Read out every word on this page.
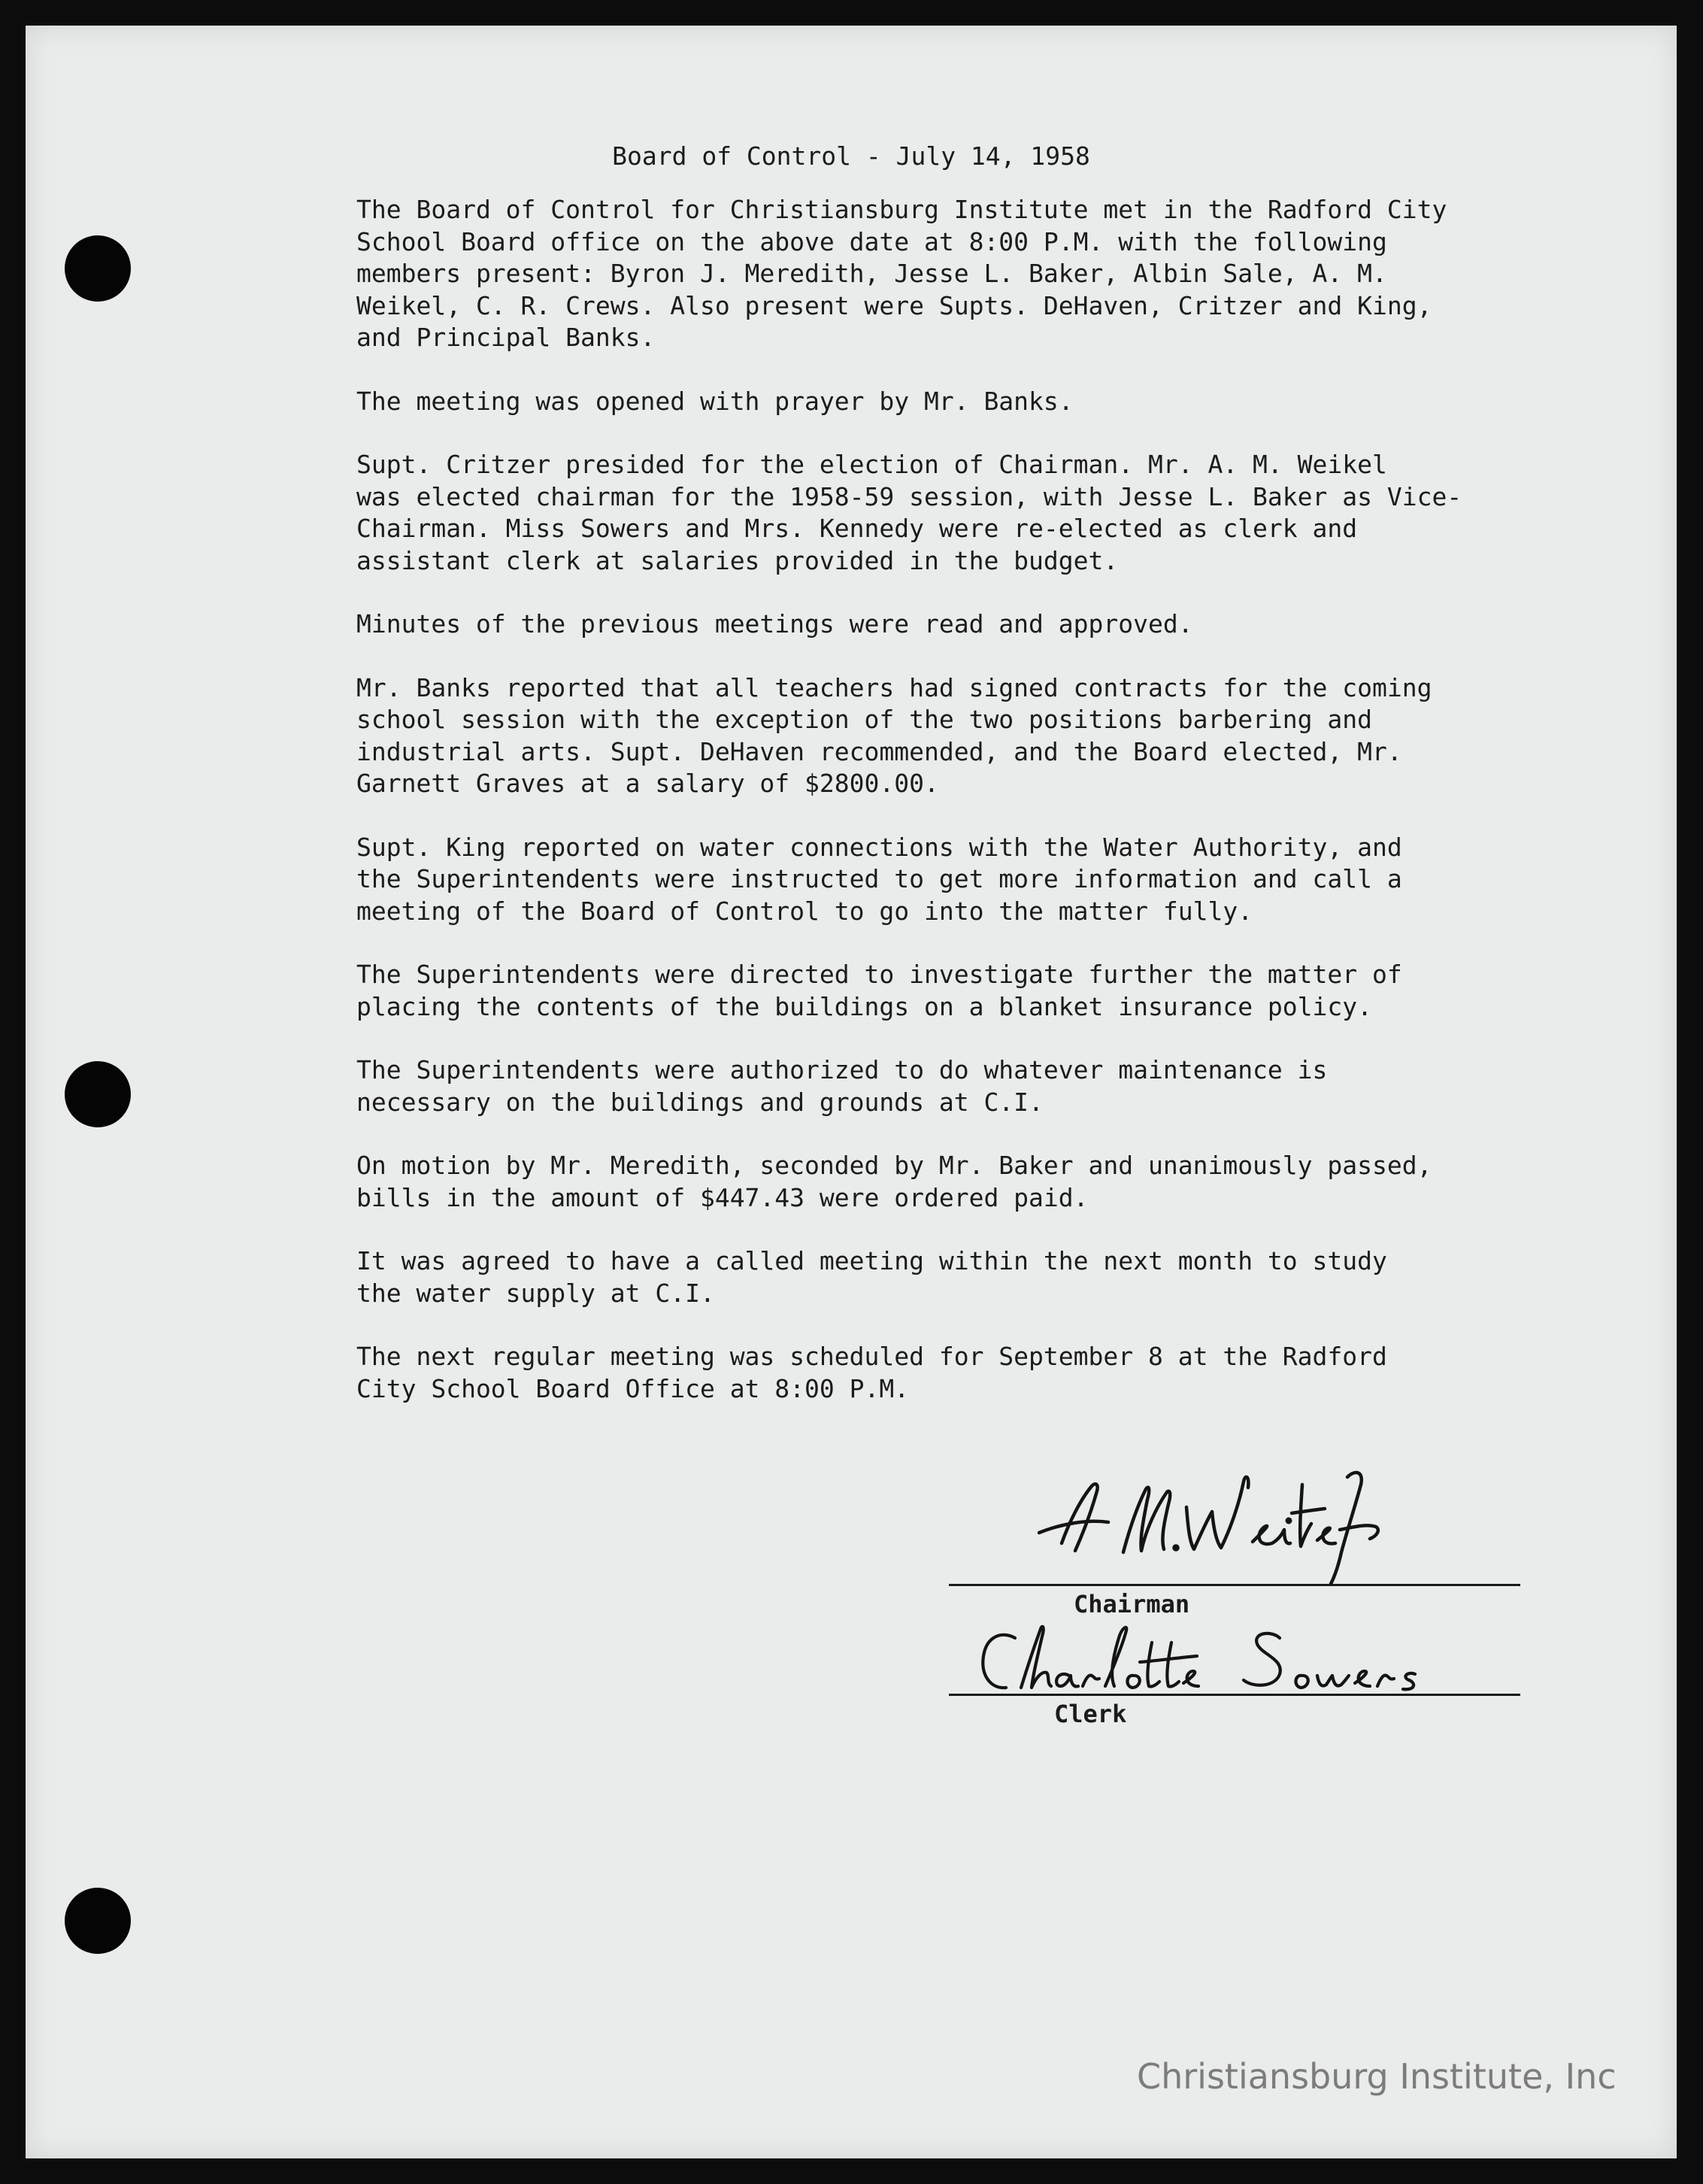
Board of Control - July 14, 1958

The Board of Control for Christiansburg Institute met in the Radford City
School Board office on the above date at 8:00 P.M. with the following
members present: Byron J. Meredith, Jesse L. Baker, Albin Sale, A. M.
Weikel, C. R. Crews. Also present were Supts. DeHaven, Critzer and King,
and Principal Banks.

The meeting was opened with prayer by Mr. Banks.

Supt. Critzer presided for the election of Chairman. Mr. A. M. Weikel
was elected chairman for the 1958-59 session, with Jesse L. Baker as Vice-
Chairman. Miss Sowers and Mrs. Kennedy were re-elected as clerk and
assistant clerk at salaries provided in the budget.

Minutes of the previous meetings were read and approved.

Mr. Banks reported that all teachers had signed contracts for the coming
school session with the exception of the two positions barbering and
industrial arts. Supt. DeHaven recommended, and the Board elected, Mr.
Garnett Graves at a salary of $2800.00.

Supt. King reported on water connections with the Water Authority, and
the Superintendents were instructed to get more information and call a
meeting of the Board of Control to go into the matter fully.

The Superintendents were directed to investigate further the matter of
placing the contents of the buildings on a blanket insurance policy.

The Superintendents were authorized to do whatever maintenance is
necessary on the buildings and grounds at C.I.

On motion by Mr. Meredith, seconded by Mr. Baker and unanimously passed,
bills in the amount of $447.43 were ordered paid.

It was agreed to have a called meeting within the next month to study
the water supply at C.I.

The next regular meeting was scheduled for September 8 at the Radford
City School Board Office at 8:00 P.M.

Chairman
Clerk
Christiansburg Institute, Inc
